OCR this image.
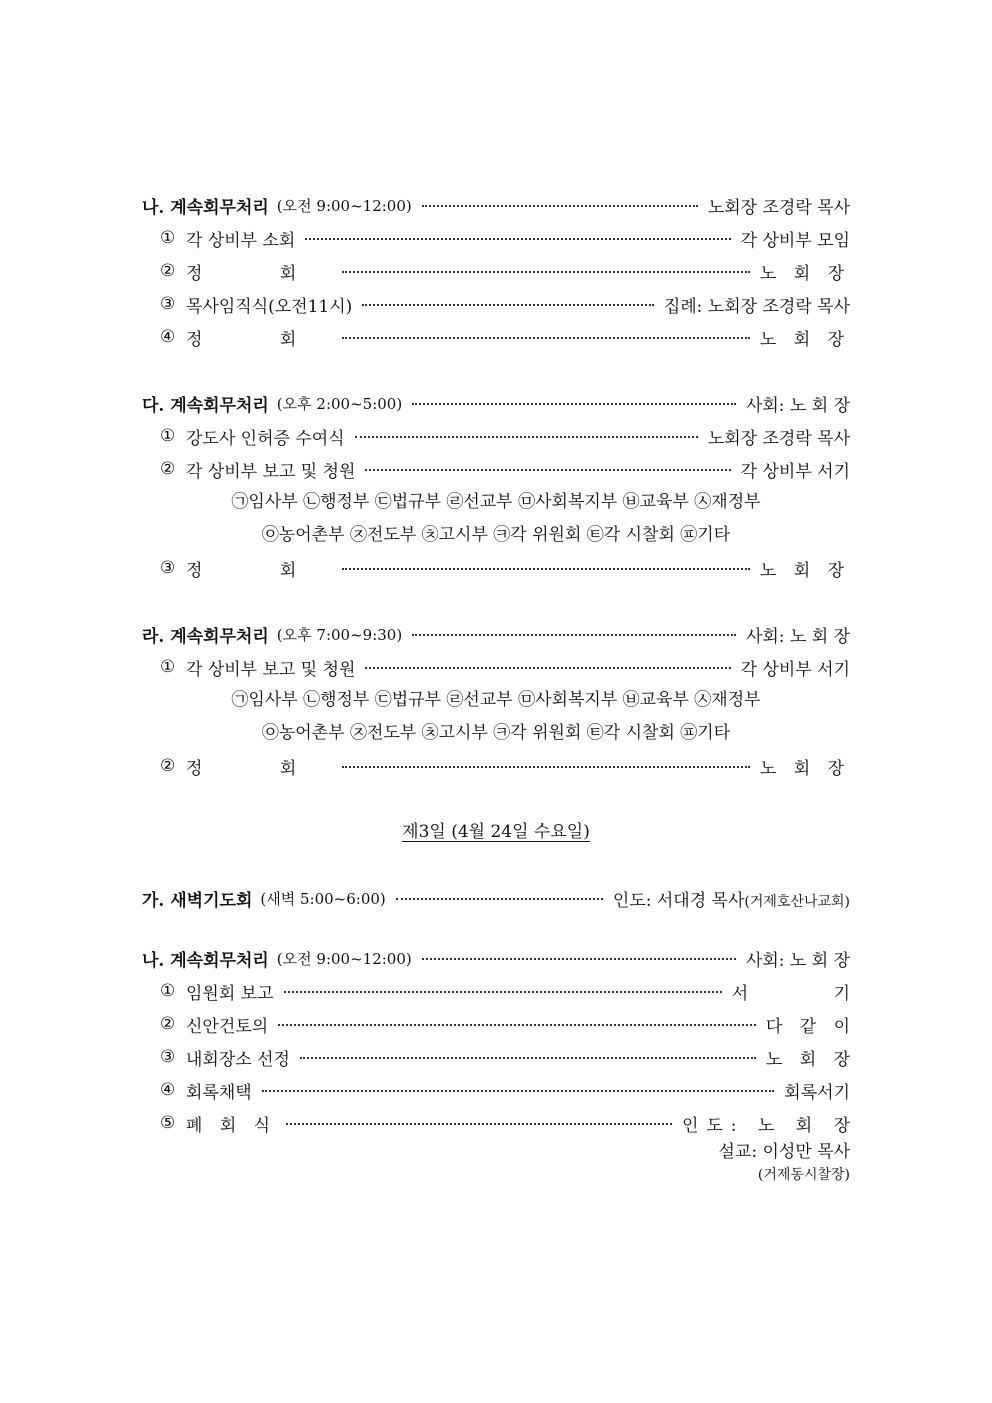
나. 계속회무처리 (오전 9:00~12:00)	노회장 조경락 목사
① 각 상비부 소회	각 상비부 모임
② 정 회	노 회 장
③ 목사임직식(오전11시)	집례: 노회장 조경락 목사
④ 정 회	노 회 장
다. 계속회무처리 (오후 2:00~5:00)	사회: 노 회 장
① 강도사 인허증 수여식	노회장 조경락 목사
② 각 상비부 보고 및 청원	각 상비부 서기
㉠임사부 ㉡행정부 ㉢법규부 ㉣선교부 ㉤사회복지부 ㉥교육부 ㉦재정부
㉧농어촌부 ㉨전도부 ㉩고시부 ㉪각 위원회 ㉫각 시찰회 ㉬기타
③ 정 회	노 회 장
라. 계속회무처리 (오후 7:00~9:30)	사회: 노 회 장
① 각 상비부 보고 및 청원	각 상비부 서기
㉠임사부 ㉡행정부 ㉢법규부 ㉣선교부 ㉤사회복지부 ㉥교육부 ㉦재정부
㉧농어촌부 ㉨전도부 ㉩고시부 ㉪각 위원회 ㉫각 시찰회 ㉬기타
② 정 회	노 회 장
제3일 (4월 24일 수요일)
가. 새벽기도회 (새벽 5:00~6:00)	인도: 서대경 목사(거제호산나교회)
나. 계속회무처리 (오전 9:00~12:00)	사회: 노 회 장
① 임원회 보고	서 기
② 신안건토의	다 같 이
③ 내회장소 선정	노 회 장
④ 회록채택	회록서기
⑤ 폐 회 식	인도: 노 회 장
설교: 이성만 목사
(거제동시찰장)
